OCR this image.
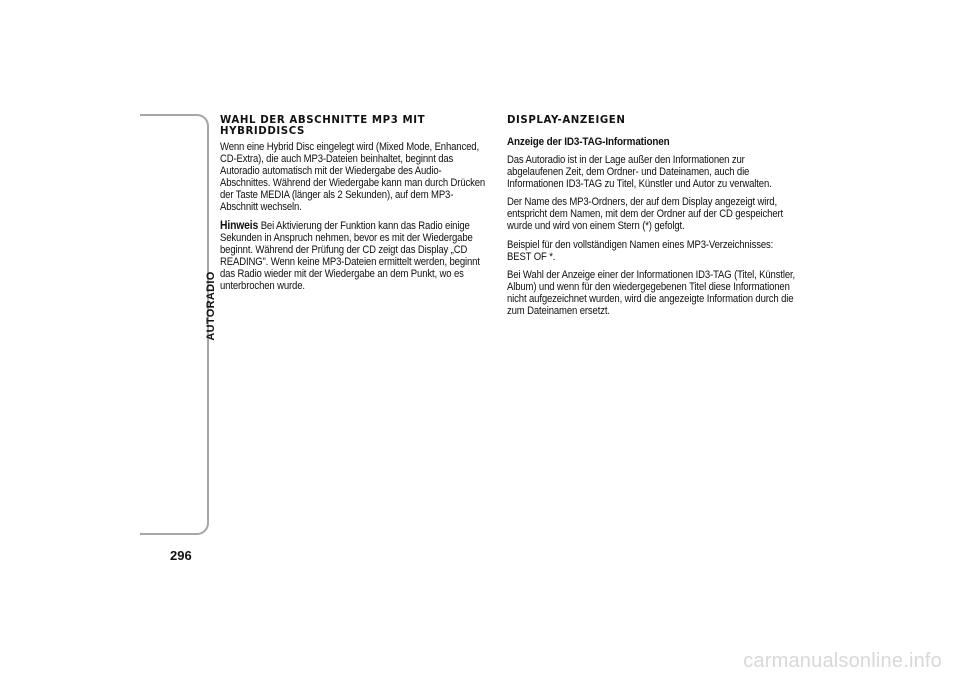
AUTORADIO
296
WAHL DER ABSCHNITTE MP3 MIT HYBRIDDISCS

Wenn eine Hybrid Disc eingelegt wird (Mixed Mode, Enhanced, CD-Extra), die auch MP3-Dateien beinhaltet, beginnt das Autoradio automatisch mit der Wiedergabe des Audio-Abschnittes. Während der Wiedergabe kann man durch Drücken der Taste MEDIA (länger als 2 Sekunden), auf dem MP3-Abschnitt wechseln.

Hinweis Bei Aktivierung der Funktion kann das Radio einige Sekunden in Anspruch nehmen, bevor es mit der Wiedergabe beginnt. Während der Prüfung der CD zeigt das Display „CD READING". Wenn keine MP3-Dateien ermittelt werden, beginnt das Radio wieder mit der Wiedergabe an dem Punkt, wo es unterbrochen wurde.

DISPLAY-ANZEIGEN
Anzeige der ID3-TAG-Informationen

Das Autoradio ist in der Lage außer den Informationen zur abgelaufenen Zeit, dem Ordner- und Dateinamen, auch die Informationen ID3-TAG zu Titel, Künstler und Autor zu verwalten.

Der Name des MP3-Ordners, der auf dem Display angezeigt wird, entspricht dem Namen, mit dem der Ordner auf der CD gespeichert wurde und wird von einem Stern (*) gefolgt.

Beispiel für den vollständigen Namen eines MP3-Verzeichnisses: BEST OF *.

Bei Wahl der Anzeige einer der Informationen ID3-TAG (Titel, Künstler, Album) und wenn für den wiedergegebenen Titel diese Informationen nicht aufgezeichnet wurden, wird die angezeigte Information durch die zum Dateinamen ersetzt.

carmanualsonline.info
